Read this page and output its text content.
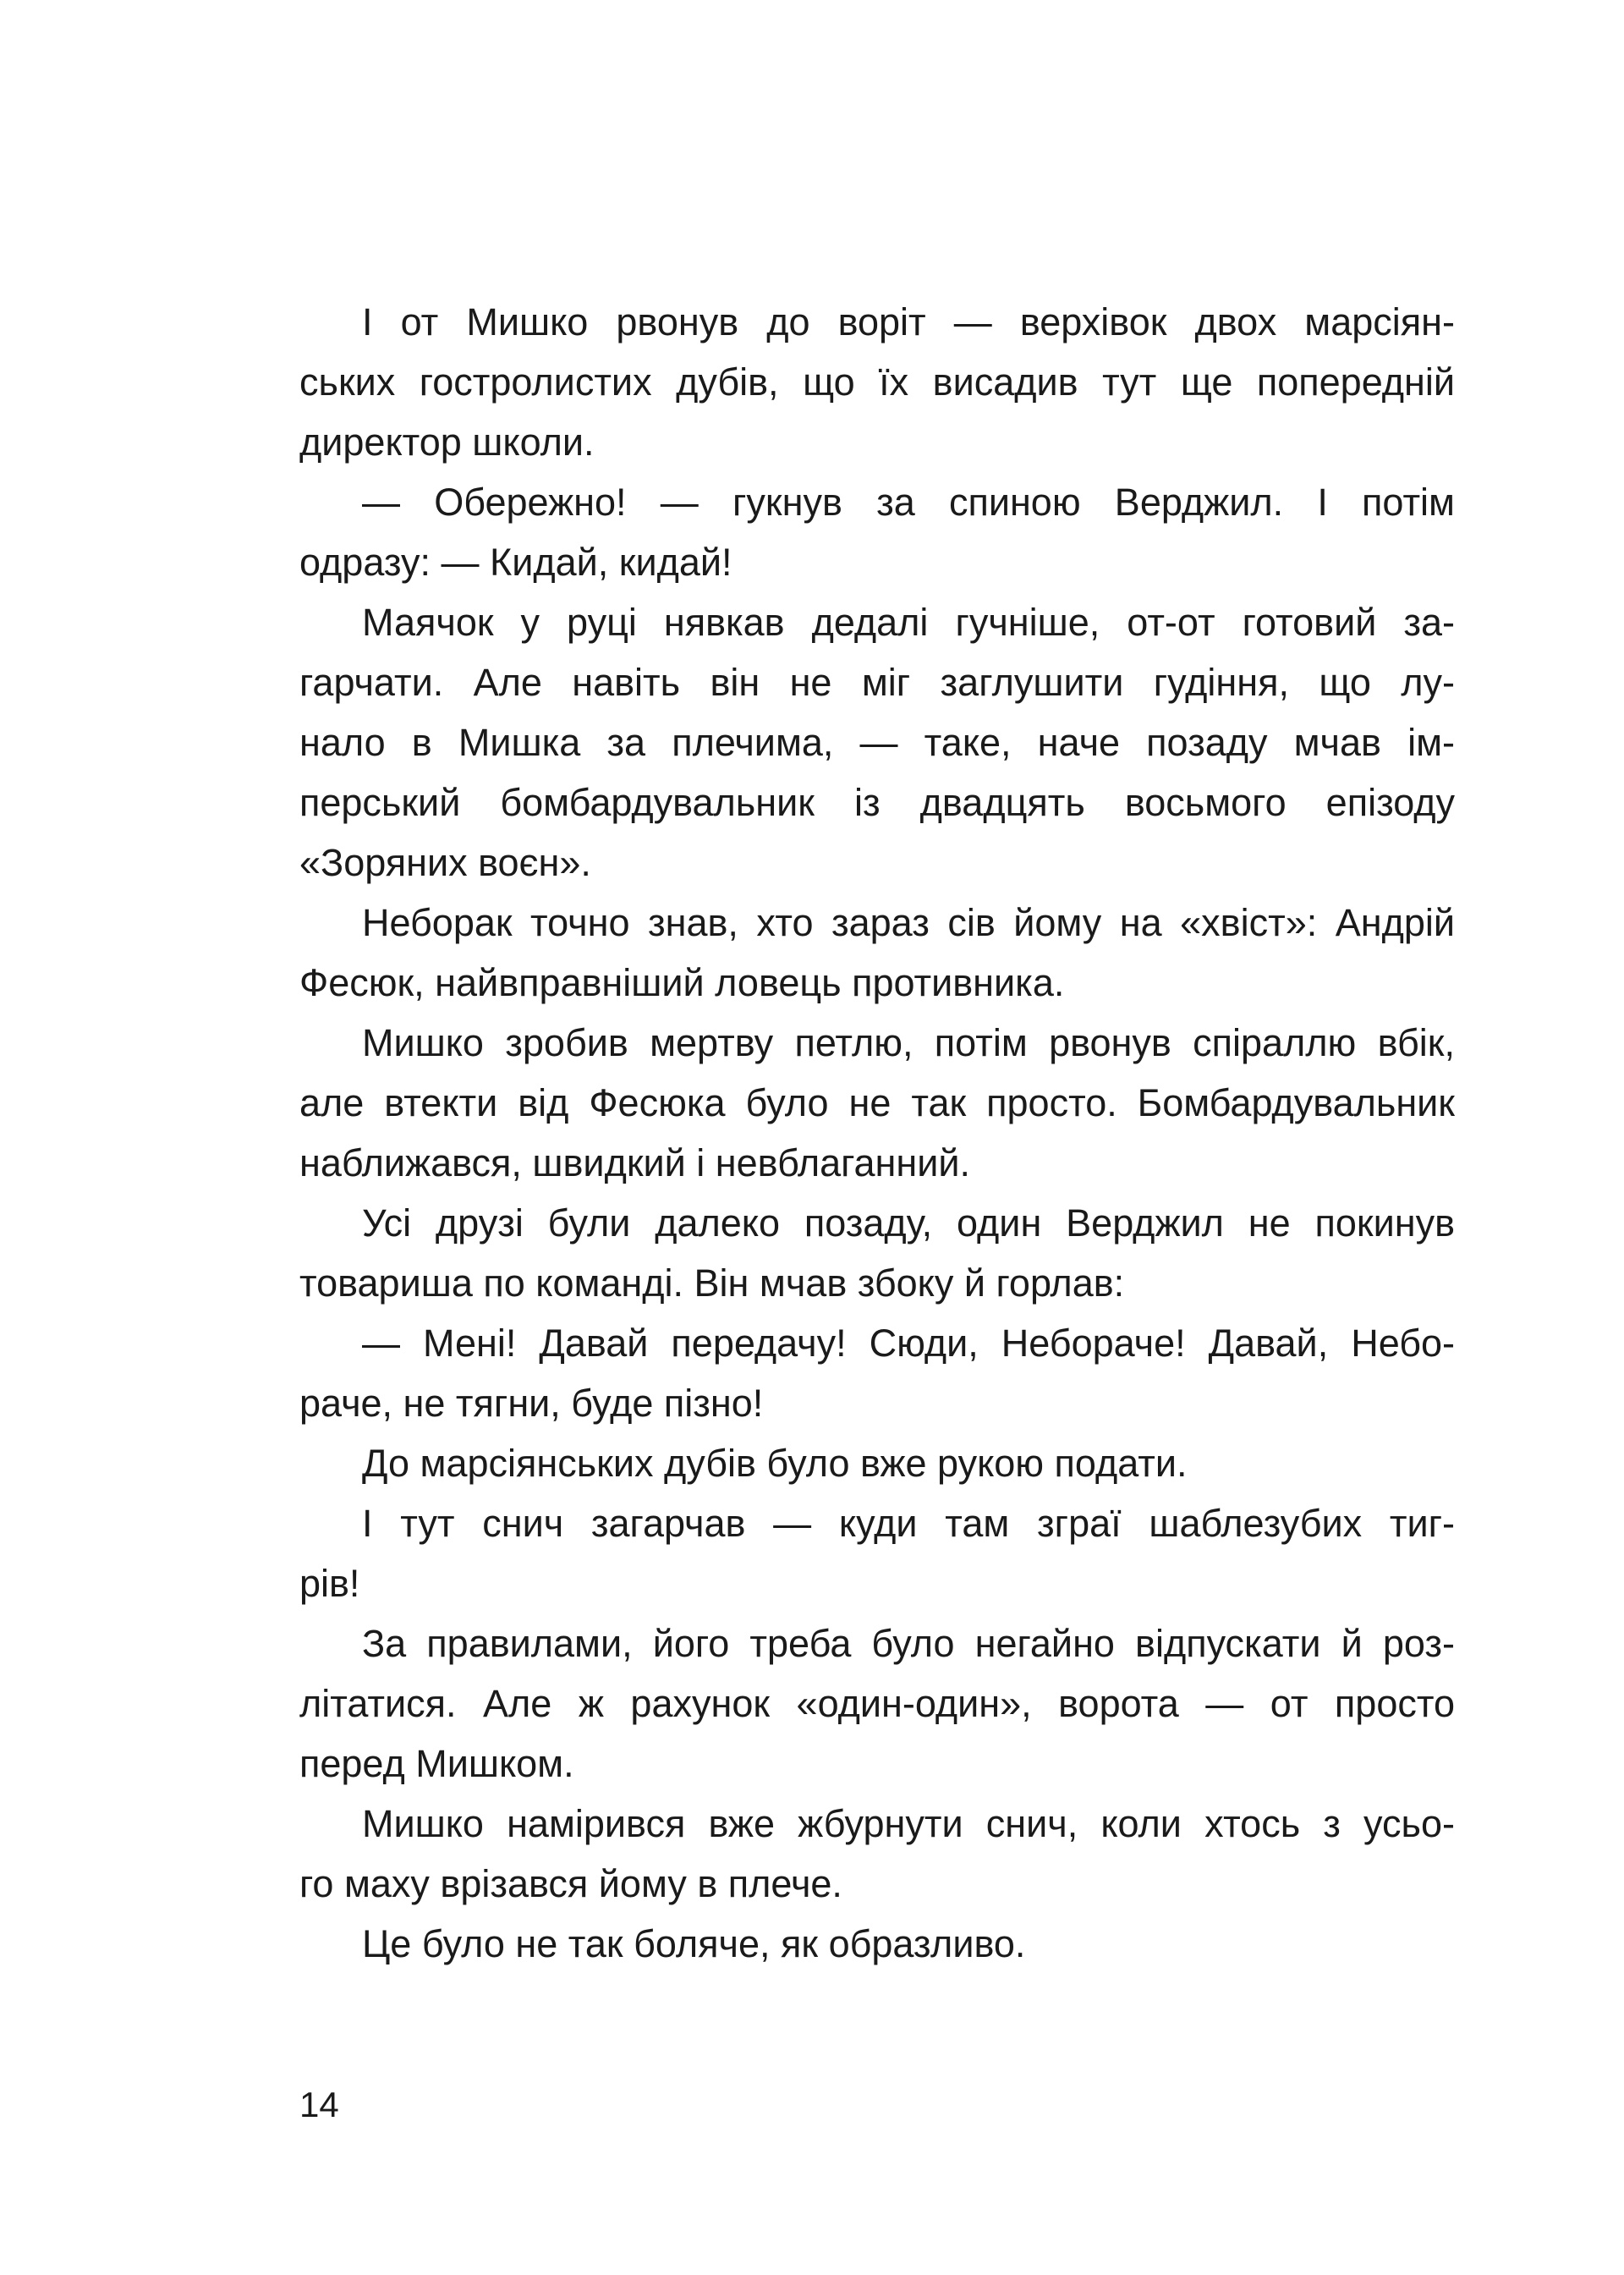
І от Мишко рвонув до воріт — верхівок двох марсіян-
ських гостролистих дубів, що їх висадив тут ще попередній
директор школи.
— Обережно! — гукнув за спиною Верджил. І потім
одразу: — Кидай, кидай!
Маячок у руці нявкав дедалі гучніше, от-от готовий за-
гарчати. Але навіть він не міг заглушити гудіння, що лу-
нало в Мишка за плечима, — таке, наче позаду мчав ім-
перський бомбардувальник із двадцять восьмого епізоду
«Зоряних воєн».
Неборак точно знав, хто зараз сів йому на «хвіст»: Андрій
Фесюк, найвправніший ловець противника.
Мишко зробив мертву петлю, потім рвонув спіраллю вбік,
але втекти від Фесюка було не так просто. Бомбардувальник
наближався, швидкий і невблаганний.
Усі друзі були далеко позаду, один Верджил не покинув
товариша по команді. Він мчав збоку й горлав:
— Мені! Давай передачу! Сюди, Небораче! Давай, Небо-
раче, не тягни, буде пізно!
До марсіянських дубів було вже рукою подати.
І тут снич загарчав — куди там зграї шаблезубих тиг-
рів!
За правилами, його треба було негайно відпускати й роз-
літатися. Але ж рахунок «один-один», ворота — от просто
перед Мишком.
Мишко намірився вже жбурнути снич, коли хтось з усьо-
го маху врізався йому в плече.
Це було не так боляче, як образливо.
14
